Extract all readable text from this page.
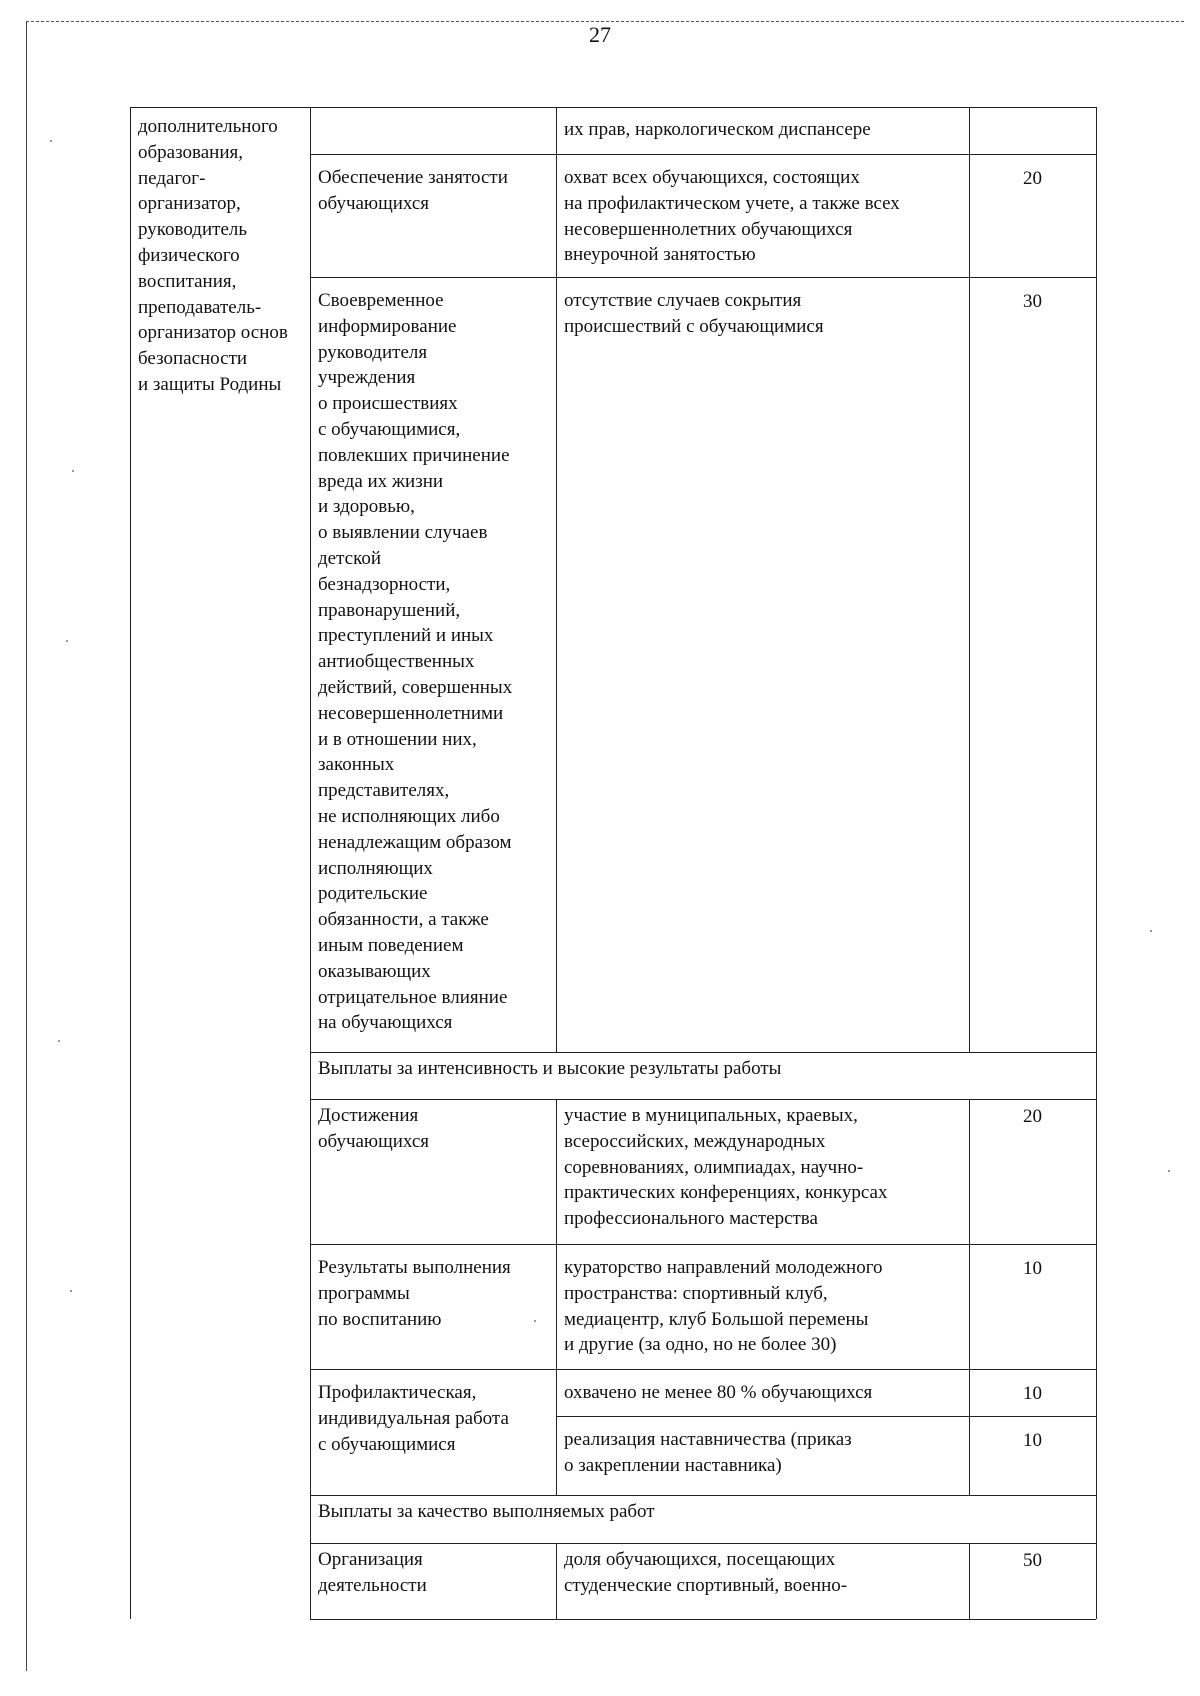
27
дополнительного
образования,
педагог-
организатор,
руководитель
физического
воспитания,
преподаватель-
организатор основ
безопасности
и защиты Родины
их прав, наркологическом диспансере
Обеспечение занятости
обучающихся
охват всех обучающихся, состоящих
на профилактическом учете, а также всех
несовершеннолетних обучающихся
внеурочной занятостью
20
Своевременное
информирование
руководителя
учреждения
о происшествиях
с обучающимися,
повлекших причинение
вреда их жизни
и здоровью,
о выявлении случаев
детской
безнадзорности,
правонарушений,
преступлений и иных
антиобщественных
действий, совершенных
несовершеннолетними
и в отношении них,
законных
представителях,
не исполняющих либо
ненадлежащим образом
исполняющих
родительские
обязанности, а также
иным поведением
оказывающих
отрицательное влияние
на обучающихся
отсутствие случаев сокрытия
происшествий с обучающимися
30
Выплаты за интенсивность и высокие результаты работы
Достижения
обучающихся
участие в муниципальных, краевых,
всероссийских, международных
соревнованиях, олимпиадах, научно-
практических конференциях, конкурсах
профессионального мастерства
20
Результаты выполнения
программы
по воспитанию
кураторство направлений молодежного
пространства: спортивный клуб,
медиацентр, клуб Большой перемены
и другие (за одно, но не более 30)
10
Профилактическая,
индивидуальная работа
с обучающимися
охвачено не менее 80 % обучающихся	10
реализация наставничества (приказ
о закреплении наставника)
10
Выплаты за качество выполняемых работ
Организация
деятельности
доля обучающихся, посещающих
студенческие спортивный, военно-
50
